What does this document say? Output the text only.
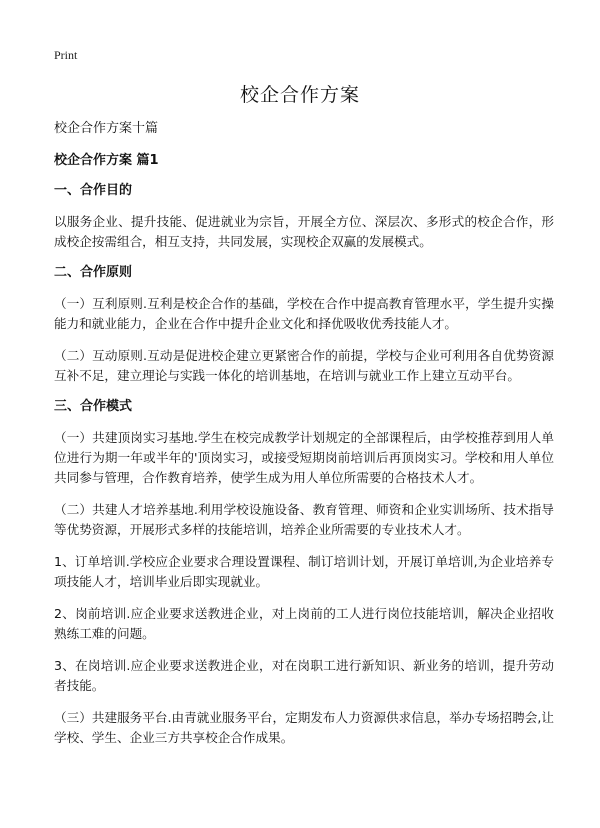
Print
校企合作方案

校企合作方案十篇

校企合作方案 篇1

一、合作目的

以服务企业、提升技能、促进就业为宗旨，开展全方位、深层次、多形式的校企合作，形成校企按需组合，相互支持，共同发展，实现校企双赢的发展模式。

二、合作原则

（一）互利原则.互利是校企合作的基础，学校在合作中提高教育管理水平，学生提升实操能力和就业能力，企业在合作中提升企业文化和择优吸收优秀技能人才。

（二）互动原则.互动是促进校企建立更紧密合作的前提，学校与企业可利用各自优势资源互补不足，建立理论与实践一体化的培训基地，在培训与就业工作上建立互动平台。

三、合作模式

（一）共建顶岗实习基地.学生在校完成教学计划规定的全部课程后，由学校推荐到用人单位进行为期一年或半年的'顶岗实习，或接受短期岗前培训后再顶岗实习。学校和用人单位共同参与管理，合作教育培养，使学生成为用人单位所需要的合格技术人才。

（二）共建人才培养基地.利用学校设施设备、教育管理、师资和企业实训场所、技术指导等优势资源，开展形式多样的技能培训，培养企业所需要的专业技术人才。

1、订单培训.学校应企业要求合理设置课程、制订培训计划，开展订单培训,为企业培养专项技能人才，培训毕业后即实现就业。

2、岗前培训.应企业要求送教进企业，对上岗前的工人进行岗位技能培训，解决企业招收熟练工难的问题。

3、在岗培训.应企业要求送教进企业，对在岗职工进行新知识、新业务的培训，提升劳动者技能。

（三）共建服务平台.由青就业服务平台，定期发布人力资源供求信息，举办专场招聘会,让学校、学生、企业三方共享校企合作成果。
